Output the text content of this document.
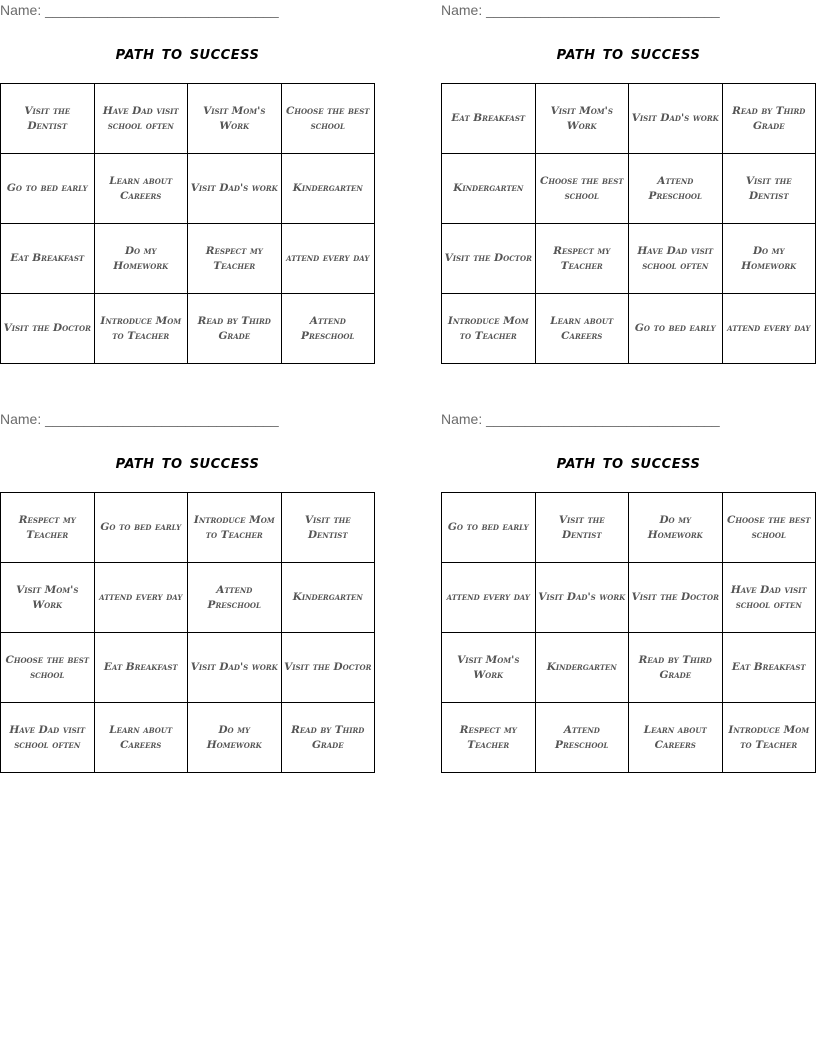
Name: ______________________________
path to success
Visit the Dentist	Have Dad visit school often	Visit Mom's Work	Choose the best school
Go to bed early	Learn about Careers	Visit Dad's work	Kindergarten
Eat Breakfast	Do my Homework	Respect my Teacher	attend every day
Visit the Doctor	Introduce Mom to Teacher	Read by Third Grade	Attend Preschool
Name: ______________________________
path to success
Eat Breakfast	Visit Mom's Work	Visit Dad's work	Read by Third Grade
Kindergarten	Choose the best school	Attend Preschool	Visit the Dentist
Visit the Doctor	Respect my Teacher	Have Dad visit school often	Do my Homework
Introduce Mom to Teacher	Learn about Careers	Go to bed early	attend every day
Name: ______________________________
path to success
Respect my Teacher	Go to bed early	Introduce Mom to Teacher	Visit the Dentist
Visit Mom's Work	attend every day	Attend Preschool	Kindergarten
Choose the best school	Eat Breakfast	Visit Dad's work	Visit the Doctor
Have Dad visit school often	Learn about Careers	Do my Homework	Read by Third Grade
Name: ______________________________
path to success
Go to bed early	Visit the Dentist	Do my Homework	Choose the best school
attend every day	Visit Dad's work	Visit the Doctor	Have Dad visit school often
Visit Mom's Work	Kindergarten	Read by Third Grade	Eat Breakfast
Respect my Teacher	Attend Preschool	Learn about Careers	Introduce Mom to Teacher
